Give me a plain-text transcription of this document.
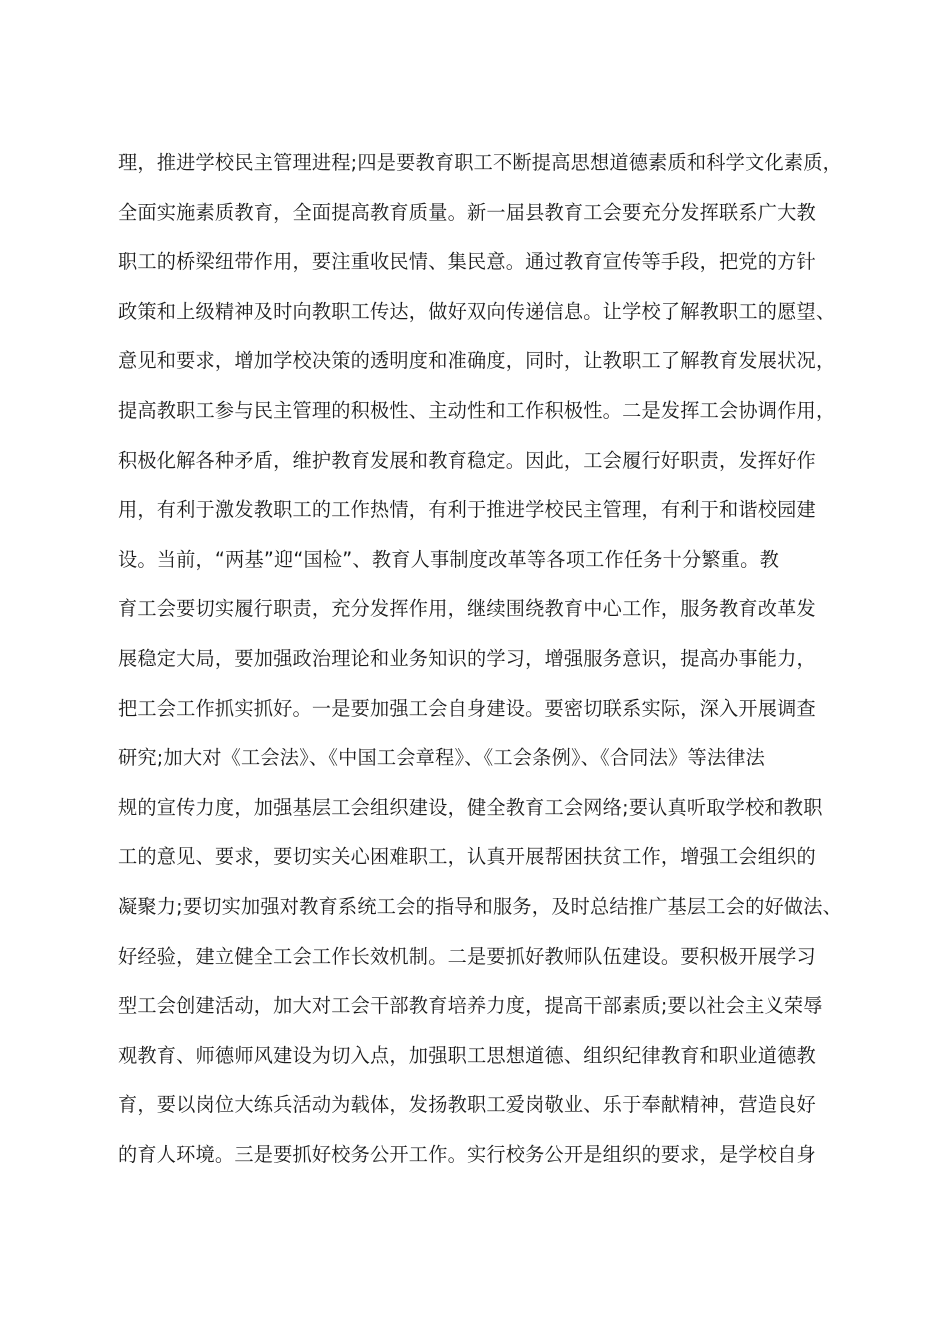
理，推进学校民主管理进程;四是要教育职工不断提高思想道德素质和科学文化素质，
全面实施素质教育，全面提高教育质量。新一届县教育工会要充分发挥联系广大教
职工的桥梁纽带作用，要注重收民情、集民意。通过教育宣传等手段，把党的方针
政策和上级精神及时向教职工传达，做好双向传递信息。让学校了解教职工的愿望、
意见和要求，增加学校决策的透明度和准确度，同时，让教职工了解教育发展状况，
提高教职工参与民主管理的积极性、主动性和工作积极性。二是发挥工会协调作用，
积极化解各种矛盾，维护教育发展和教育稳定。因此，工会履行好职责，发挥好作
用，有利于激发教职工的工作热情，有利于推进学校民主管理，有利于和谐校园建
设。当前，“两基”迎“国检”、教育人事制度改革等各项工作任务十分繁重。教
育工会要切实履行职责，充分发挥作用，继续围绕教育中心工作，服务教育改革发
展稳定大局，要加强政治理论和业务知识的学习，增强服务意识，提高办事能力，
把工会工作抓实抓好。一是要加强工会自身建设。要密切联系实际，深入开展调查
研究;加大对《工会法》、《中国工会章程》、《工会条例》、《合同法》等法律法
规的宣传力度，加强基层工会组织建设，健全教育工会网络;要认真听取学校和教职
工的意见、要求，要切实关心困难职工，认真开展帮困扶贫工作，增强工会组织的
凝聚力;要切实加强对教育系统工会的指导和服务，及时总结推广基层工会的好做法、
好经验，建立健全工会工作长效机制。二是要抓好教师队伍建设。要积极开展学习
型工会创建活动，加大对工会干部教育培养力度，提高干部素质;要以社会主义荣辱
观教育、师德师风建设为切入点，加强职工思想道德、组织纪律教育和职业道德教
育，要以岗位大练兵活动为载体，发扬教职工爱岗敬业、乐于奉献精神，营造良好
的育人环境。三是要抓好校务公开工作。实行校务公开是组织的要求，是学校自身
